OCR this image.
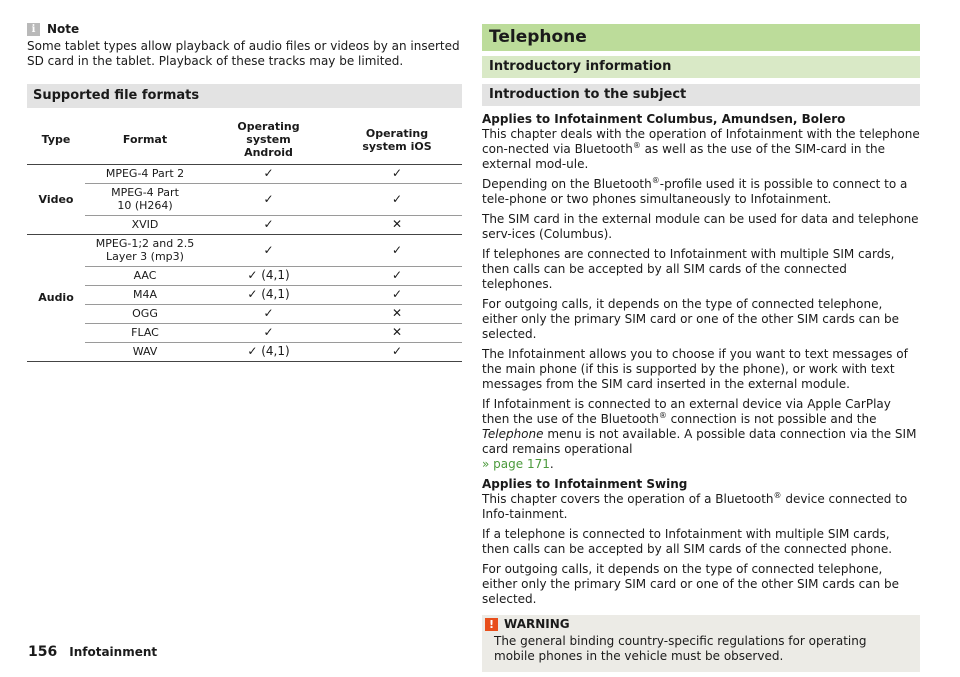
i Note
Some tablet types allow playback of audio files or videos by an inserted SD card in the tablet. Playback of these tracks may be limited.
Supported file formats
Type	Format	Operating system Android	Operating system iOS
Video	MPEG-4 Part 2	✓	✓
	MPEG-4 Part 10 (H264)	✓	✓
	XVID	✓	✕
Audio	MPEG-1;2 and 2.5 Layer 3 (mp3)	✓	✓
	AAC	✓ (4,1)	✓
	M4A	✓ (4,1)	✓
	OGG	✓	✕
	FLAC	✓	✕
	WAV	✓ (4,1)	✓
Telephone
Introductory information
Introduction to the subject

Applies to Infotainment Columbus, Amundsen, Bolero
This chapter deals with the operation of Infotainment with the telephone con-nected via Bluetooth® as well as the use of the SIM-card in the external mod-ule.

Depending on the Bluetooth®-profile used it is possible to connect to a tele-phone or two phones simultaneously to Infotainment.

The SIM card in the external module can be used for data and telephone serv-ices (Columbus).

If telephones are connected to Infotainment with multiple SIM cards, then calls can be accepted by all SIM cards of the connected telephones.

For outgoing calls, it depends on the type of connected telephone, either only the primary SIM card or one of the other SIM cards can be selected.

The Infotainment allows you to choose if you want to text messages of the main phone (if this is supported by the phone), or work with text messages from the SIM card inserted in the external module.

If Infotainment is connected to an external device via Apple CarPlay then the use of the Bluetooth® connection is not possible and the Telephone menu is not available. A possible data connection via the SIM card remains operational
» page 171.

Applies to Infotainment Swing
This chapter covers the operation of a Bluetooth® device connected to Info-tainment.

If a telephone is connected to Infotainment with multiple SIM cards, then calls can be accepted by all SIM cards of the connected phone.

For outgoing calls, it depends on the type of connected telephone, either only the primary SIM card or one of the other SIM cards can be selected.

! WARNING
The general binding country-specific regulations for operating mobile phones in the vehicle must be observed.
156 Infotainment
